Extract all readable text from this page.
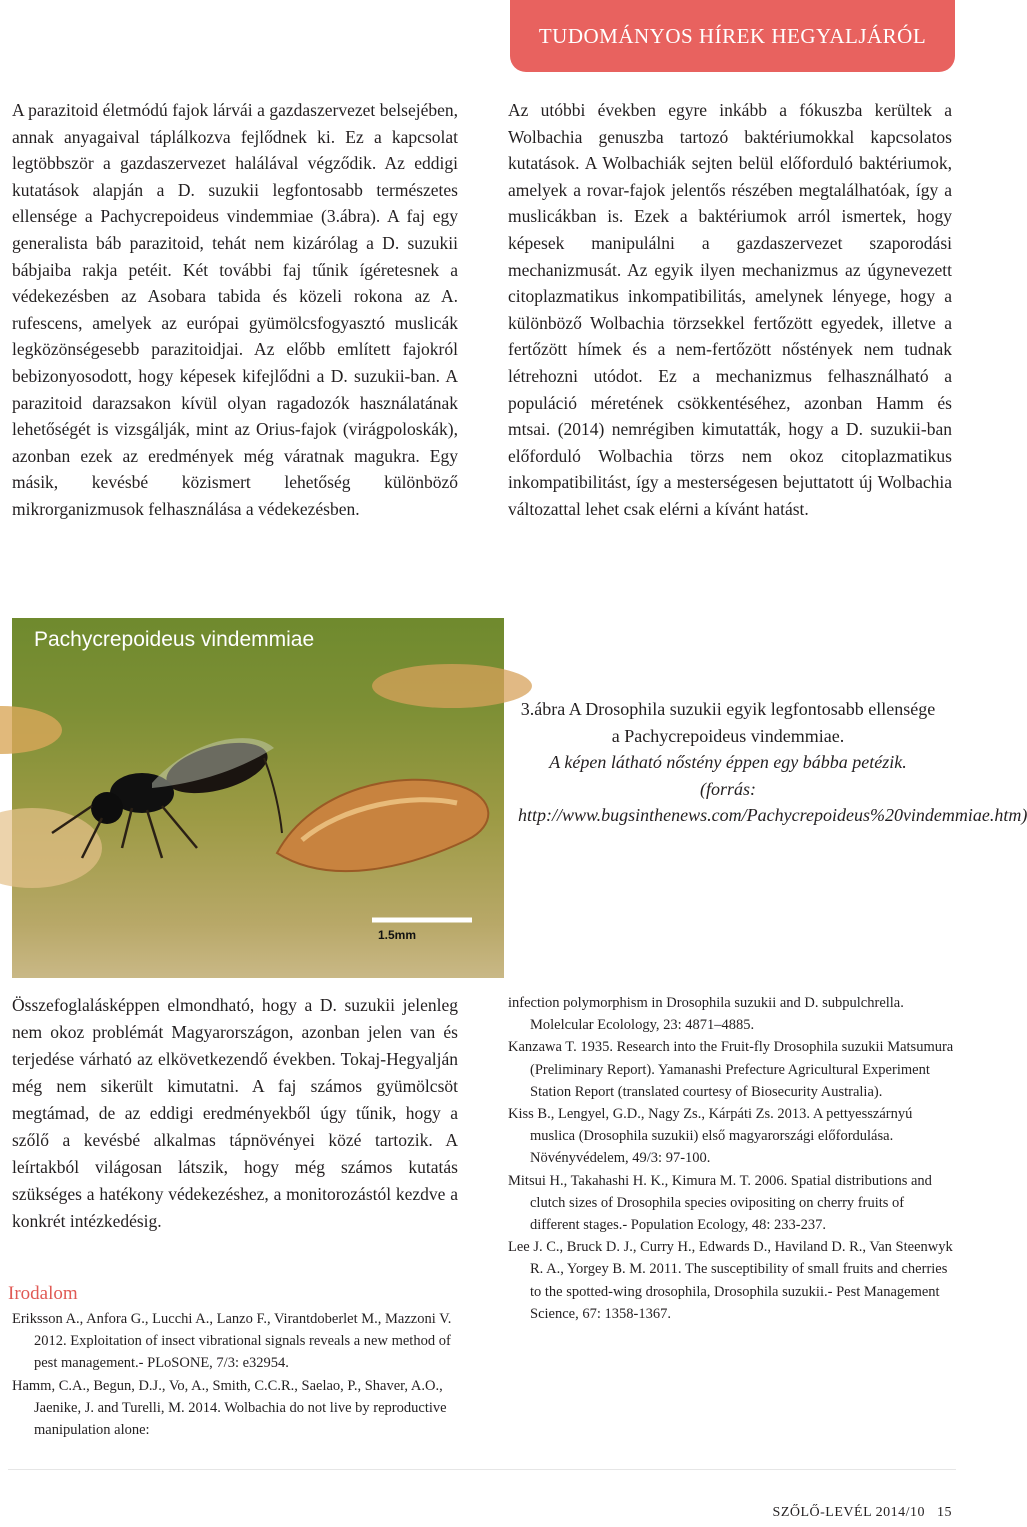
TUDOMÁNYOS HÍREK HEGYALJÁRÓL

A parazitoid életmódú fajok lárvái a gazdaszervezet belsejében, annak anyagaival táplálkozva fejlődnek ki. Ez a kapcsolat legtöbbször a gazdaszervezet halálával végződik. Az eddigi kutatások alapján a D. suzukii legfontosabb természetes ellensége a Pachycrepoideus vindemmiae (3.ábra). A faj egy generalista báb parazitoid, tehát nem kizárólag a D. suzukii bábjaiba rakja petéit. Két további faj tűnik ígéretesnek a védekezésben az Asobara tabida és közeli rokona az A. rufescens, amelyek az európai gyümölcsfogyasztó muslicák legközönségesebb parazitoidjai. Az előbb említett fajokról bebizonyosodott, hogy képesek kifejlődni a D. suzukii-ban. A parazitoid darazsakon kívül olyan ragadozók használatának lehetőségét is vizsgálják, mint az Orius-fajok (virágpoloskák), azonban ezek az eredmények még váratnak magukra. Egy másik, kevésbé közismert lehetőség különböző mikrorganizmusok felhasználása a védekezésben.

Az utóbbi években egyre inkább a fókuszba kerültek a Wolbachia genuszba tartozó baktériumokkal kapcsolatos kutatások. A Wolbachiák sejten belül előforduló baktériumok, amelyek a rovar-fajok jelentős részében megtalálhatóak, így a muslicákban is. Ezek a baktériumok arról ismertek, hogy képesek manipulálni a gazdaszervezet szaporodási mechanizmusát. Az egyik ilyen mechanizmus az úgynevezett citoplazmatikus inkompatibilitás, amelynek lényege, hogy a különböző Wolbachia törzsekkel fertőzött egyedek, illetve a fertőzött hímek és a nem-fertőzött nőstények nem tudnak létrehozni utódot. Ez a mechanizmus felhasználható a populáció méretének csökkentéséhez, azonban Hamm és mtsai. (2014) nemrégiben kimutatták, hogy a D. suzukii-ban előforduló Wolbachia törzs nem okoz citoplazmatikus inkompatibilitást, így a mesterségesen bejuttatott új Wolbachia változattal lehet csak elérni a kívánt hatást.

Pachycrepoideus vindemmiae
1.5mm
3.ábra A Drosophila suzukii egyik legfontosabb ellensége a Pachycrepoideus vindemmiae.
A képen látható nőstény éppen egy bábba petézik.
(forrás: http://www.bugsinthenews.com/Pachycrepoideus%20vindemmiae.htm)

Összefoglalásképpen elmondható, hogy a D. suzukii jelenleg nem okoz problémát Magyarországon, azonban jelen van és terjedése várható az elkövetkezendő években. Tokaj-Hegyalján még nem sikerült kimutatni. A faj számos gyümölcsöt megtámad, de az eddigi eredményekből úgy tűnik, hogy a szőlő a kevésbé alkalmas tápnövényei közé tartozik. A leírtakból világosan látszik, hogy még számos kutatás szükséges a hatékony védekezéshez, a monitorozástól kezdve a konkrét intézkedésig.

Irodalom

Eriksson A., Anfora G., Lucchi A., Lanzo F., Virantdoberlet M., Mazzoni V. 2012. Exploitation of insect vibrational signals reveals a new method of pest management.- PLoSONE, 7/3: e32954.

Hamm, C.A., Begun, D.J., Vo, A., Smith, C.C.R., Saelao, P., Shaver, A.O., Jaenike, J. and Turelli, M. 2014. Wolbachia do not live by reproductive manipulation alone:

infection polymorphism in Drosophila suzukii and D. subpulchrella. Molelcular Ecolology, 23: 4871–4885.

Kanzawa T. 1935. Research into the Fruit-fly Drosophila suzukii Matsumura (Preliminary Report). Yamanashi Prefecture Agricultural Experiment Station Report (translated courtesy of Biosecurity Australia).

Kiss B., Lengyel, G.D., Nagy Zs., Kárpáti Zs. 2013. A pettyesszárnyú muslica (Drosophila suzukii) első magyarországi előfordulása. Növényvédelem, 49/3: 97-100.

Mitsui H., Takahashi H. K., Kimura M. T. 2006. Spatial distributions and clutch sizes of Drosophila species ovipositing on cherry fruits of different stages.- Population Ecology, 48: 233-237.

Lee J. C., Bruck D. J., Curry H., Edwards D., Haviland D. R., Van Steenwyk R. A., Yorgey B. M. 2011. The susceptibility of small fruits and cherries to the spotted-wing drosophila, Drosophila suzukii.- Pest Management Science, 67: 1358-1367.

SZŐLŐ-LEVÉL 2014/10 15
